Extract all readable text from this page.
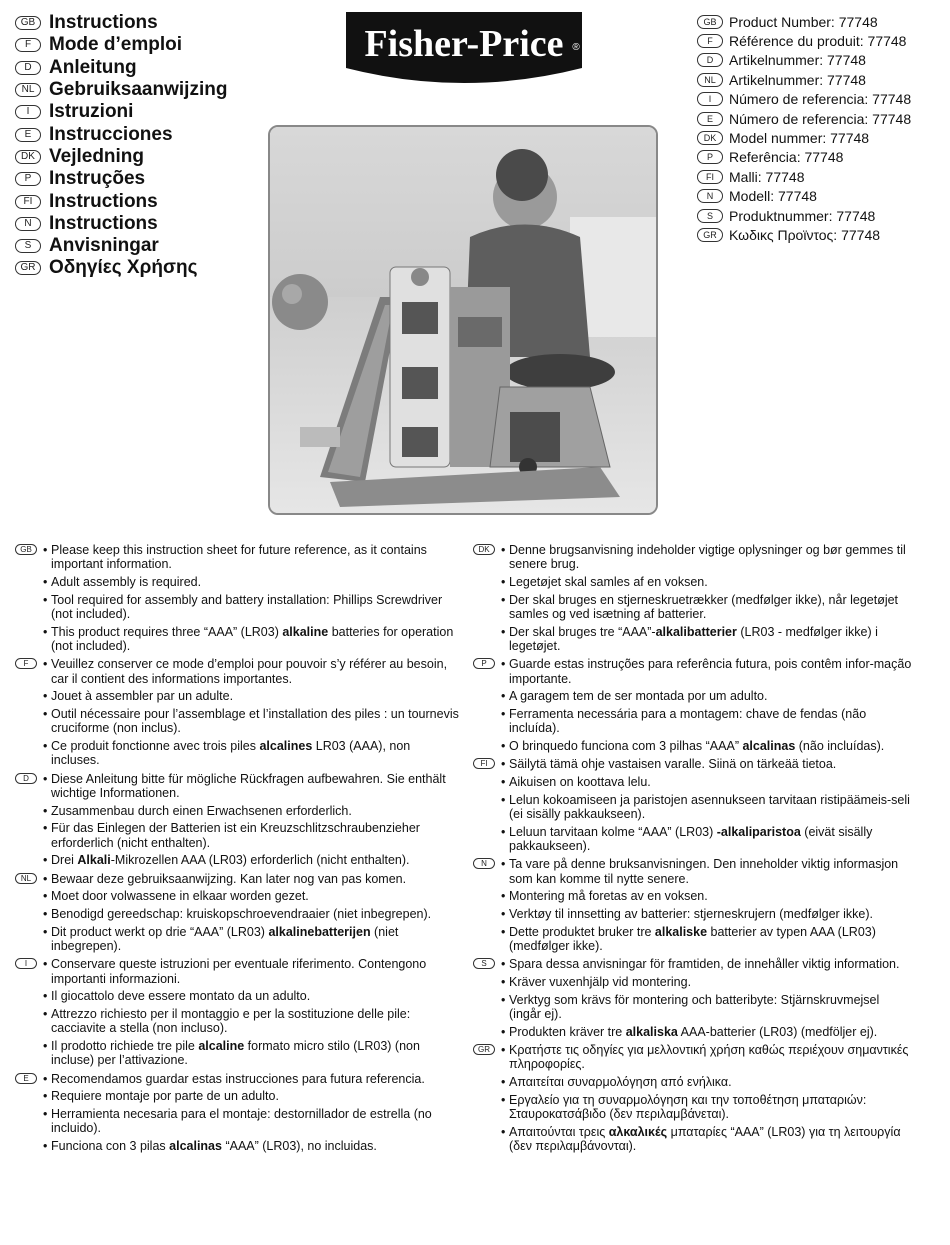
GB Instructions
F Mode d’emploi
D Anleitung
NL Gebruiksaanwijzing
I	Istruzioni
E Instrucciones
DK Vejledning
P Instruções
FI Instructions
N Instructions
S Anvisningar
GR Οδηγίες Χρήσης
Fisher-Price ®
GB Product Number: 77748
F	Référence du produit: 77748
D	Artikelnummer: 77748
NL Artikelnummer: 77748
I	Número de referencia: 77748
E	Número de referencia: 77748
DK Model nummer: 77748
P	Referência: 77748
FI	Malli: 77748
N	Modell: 77748
S	Produktnummer: 77748
GR Κωδικς Προϊντος: 77748
GB • Please keep this instruction sheet for future reference, as it contains important information.
• Adult assembly is required.
• Tool required for assembly and battery installation: Phillips Screwdriver (not included).
• This product requires three “AAA” (LR03) alkaline batteries for operation (not included).
F	• Veuillez conserver ce mode d’emploi pour pouvoir s’y référer au besoin, car il contient des informations importantes.
• Jouet à assembler par un adulte.
• Outil nécessaire pour l’assemblage et l’installation des piles : un tournevis cruciforme (non inclus).
• Ce produit fonctionne avec trois piles alcalines LR03 (AAA), non incluses.
D	• Diese Anleitung bitte für mögliche Rückfragen aufbewahren. Sie enthält wichtige Informationen.
• Zusammenbau durch einen Erwachsenen erforderlich.
• Für das Einlegen der Batterien ist ein Kreuzschlitzschraubenzieher erforderlich (nicht enthalten).
• Drei Alkali-Mikrozellen AAA (LR03) erforderlich (nicht enthalten).
NL • Bewaar deze gebruiksaanwijzing. Kan later nog van pas komen.
• Moet door volwassene in elkaar worden gezet.
• Benodigd gereedschap: kruiskopschroevendraaier (niet inbegrepen).
• Dit product werkt op drie “AAA” (LR03) alkalinebatterijen (niet inbegrepen).
I	• Conservare queste istruzioni per eventuale riferimento. Contengono importanti informazioni.
• Il giocattolo deve essere montato da un adulto.
• Attrezzo richiesto per il montaggio e per la sostituzione delle pile: cacciavite a stella (non incluso).
• Il prodotto richiede tre pile alcaline formato micro stilo (LR03) (non incluse) per l’attivazione.
E	• Recomendamos guardar estas instrucciones para futura referencia.
• Requiere montaje por parte de un adulto.
• Herramienta necesaria para el montaje: destornillador de estrella (no incluido).
• Funciona con 3 pilas alcalinas “AAA” (LR03), no incluidas.
DK • Denne brugsanvisning indeholder vigtige oplysninger og bør gemmes til senere brug.
• Legetøjet skal samles af en voksen.
• Der skal bruges en stjerneskruetrækker (medfølger ikke), når legetøjet samles og ved isætning af batterier.
• Der skal bruges tre “AAA”-alkalibatterier (LR03 - medfølger ikke) i legetøjet.
P	• Guarde estas instruções para referência futura, pois contêm infor-mação importante.
• A garagem tem de ser montada por um adulto.
• Ferramenta necessária para a montagem: chave de fendas (não incluída).
• O brinquedo funciona com 3 pilhas “AAA” alcalinas (não incluídas).
FI	• Säilytä tämä ohje vastaisen varalle. Siinä on tärkeää tietoa.
• Aikuisen on koottava lelu.
• Lelun kokoamiseen ja paristojen asennukseen tarvitaan ristipäämeis-seli (ei sisälly pakkaukseen).
• Leluun tarvitaan kolme “AAA” (LR03) -alkaliparistoa (eivät sisälly pakkaukseen).
N	• Ta vare på denne bruksanvisningen. Den inneholder viktig informasjon som kan komme til nytte senere.
• Montering må foretas av en voksen.
• Verktøy til innsetting av batterier: stjerneskrujern (medfølger ikke).
• Dette produktet bruker tre alkaliske batterier av typen AAA (LR03) (medfølger ikke).
S	• Spara dessa anvisningar för framtiden, de innehåller viktig information.
• Kräver vuxenhjälp vid montering.
• Verktyg som krävs för montering och batteribyte: Stjärnskruvmejsel (ingår ej).
• Produkten kräver tre alkaliska AAA-batterier (LR03) (medföljer ej).
GR • Κρατήστε τις οδηγίες για μελλοντική χρήση καθώς περιέχουν σημαντικές πληροφορίες.
• Απαιτείται συναρμολόγηση από ενήλικα.
• Εργαλείο για τη συναρμολόγηση και την τοποθέτηση μπαταριών: Σταυροκατσάβιδο (δεν περιλαμβάνεται).
• Απαιτούνται τρεις αλκαλικές μπαταρίες “AAA” (LR03) για τη λειτουργία (δεν περιλαμβάνονται).
